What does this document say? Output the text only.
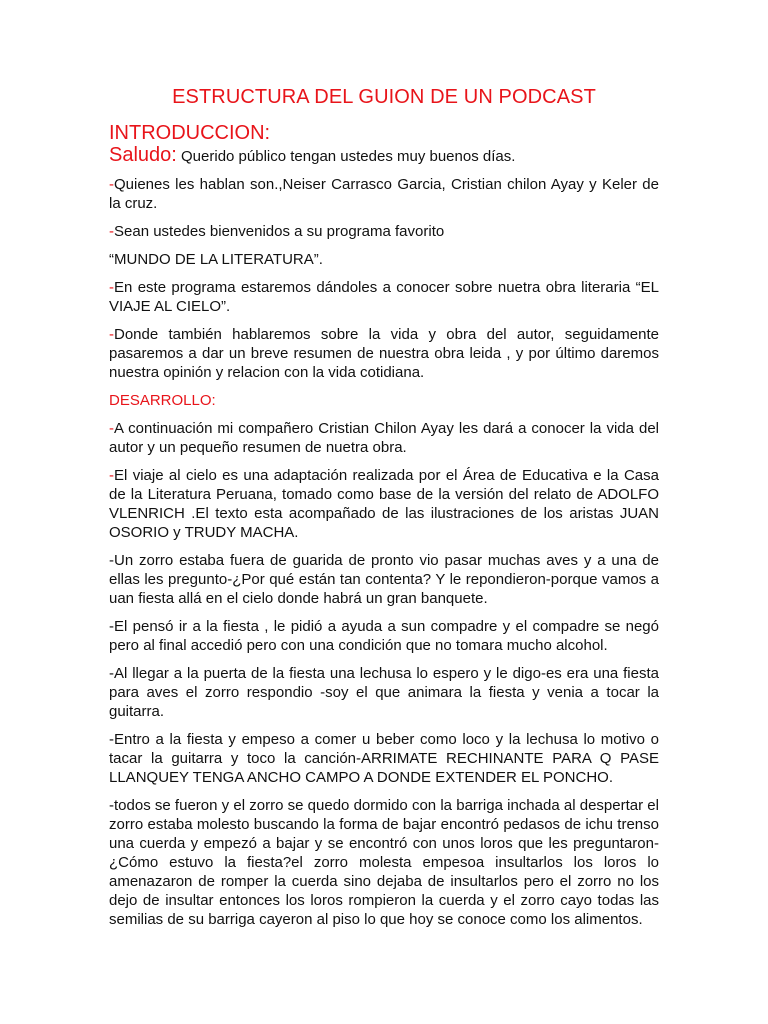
ESTRUCTURA DEL GUION DE UN PODCAST
INTRODUCCION:

Saludo: Querido público tengan ustedes muy buenos días.

-Quienes les hablan son.,Neiser Carrasco Garcia, Cristian chilon Ayay y Keler de la cruz.

-Sean ustedes bienvenidos a su programa favorito

“MUNDO DE LA LITERATURA”.

-En este programa estaremos dándoles a conocer sobre nuetra obra literaria “EL VIAJE AL CIELO”.

-Donde también hablaremos sobre la vida y obra del autor, seguidamente pasaremos a dar un breve resumen de nuestra obra leida , y por último daremos nuestra opinión y relacion con la vida cotidiana.

DESARROLLO:

-A continuación mi compañero Cristian Chilon Ayay les dará a conocer la vida del autor y un pequeño resumen de nuetra obra.

-El viaje al cielo es una adaptación realizada por el Área de Educativa e la Casa de la Literatura Peruana, tomado como base de la versión del relato de ADOLFO VLENRICH .El texto esta acompañado de las ilustraciones de los aristas JUAN OSORIO y TRUDY MACHA.

-Un zorro estaba fuera de guarida de pronto vio pasar muchas aves y a una de ellas les pregunto-¿Por qué están tan contenta? Y le repondieron-porque vamos a uan fiesta allá en el cielo donde habrá un gran banquete.

-El pensó ir a la fiesta , le pidió a ayuda a sun compadre y el compadre se negó pero al final accedió pero con una condición que no tomara mucho alcohol.

-Al llegar a la puerta de la fiesta una lechusa lo espero y le digo-es era una fiesta para aves el zorro respondio -soy el que animara la fiesta y venia a tocar la guitarra.

-Entro a la fiesta y empeso a comer u beber como loco y la lechusa lo motivo o tacar la guitarra y toco la canción-ARRIMATE RECHINANTE PARA Q PASE LLANQUEY TENGA ANCHO CAMPO A DONDE EXTENDER EL PONCHO.

-todos se fueron y el zorro se quedo dormido con la barriga inchada al despertar el zorro estaba molesto buscando la forma de bajar encontró pedasos de ichu trenso una cuerda y empezó a bajar y se encontró con unos loros que les preguntaron-¿Cómo estuvo la fiesta?el zorro molesta empesoa insultarlos los loros lo amenazaron de romper la cuerda sino dejaba de insultarlos pero el zorro no los dejo de insultar entonces los loros rompieron la cuerda y el zorro cayo todas las semilias de su barriga cayeron al piso lo que hoy se conoce como los alimentos.
